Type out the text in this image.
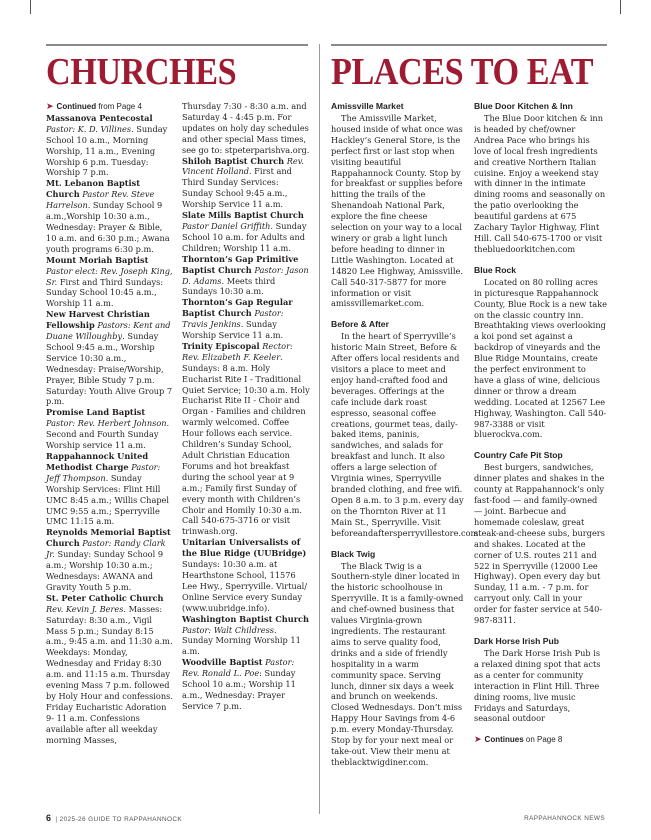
CHURCHES	PLACES TO EAT

➤ Continued from Page 4

Massanova Pentecostal Pastor: K. D. Villines. Sunday School 10 a.m., Morning Worship, 11 a.m., Evening Worship 6 p.m. Tuesday: Worship 7 p.m.

Mt. Lebanon Baptist Church Pastor Rev. Steve Harrelson. Sunday School 9 a.m.,Worship 10:30 a.m., Wednesday: Prayer & Bible, 10 a.m. and 6:30 p.m.; Awana youth programs 6:30 p.m.

Mount Moriah Baptist Pastor elect: Rev. Joseph King, Sr. First and Third Sundays: Sunday School 10:45 a.m., Worship 11 a.m.

New Harvest Christian Fellowship Pastors: Kent and Duane Willoughby. Sunday School 9:45 a.m., Worship Service 10:30 a.m., Wednesday: Praise/Worship, Prayer, Bible Study 7 p.m. Saturday: Youth Alive Group 7 p.m.

Promise Land Baptist Pastor: Rev. Herbert Johnson. Second and Fourth Sunday Worship service 11 a.m.

Rappahannock United Methodist Charge Pastor: Jeff Thompson. Sunday Worship Services: Flint Hill UMC 8:45 a.m.; Willis Chapel UMC 9:55 a.m.; Sperryville UMC 11:15 a.m.

Reynolds Memorial Baptist Church Pastor: Randy Clark Jr. Sunday: Sunday School 9 a.m.; Worship 10:30 a.m.; Wednesdays: AWANA and Gravity Youth 5 p.m.

St. Peter Catholic Church Rev. Kevin J. Beres. Masses: Saturday: 8:30 a.m., Vigil Mass 5 p.m.; Sunday 8:15 a.m., 9:45 a.m. and 11:30 a.m. Weekdays: Monday, Wednesday and Friday 8:30 a.m. and 11:15 a.m. Thursday evening Mass 7 p.m. followed by Holy Hour and confessions. Friday Eucharistic Adoration 9- 11 a.m. Confessions available after all weekday morning Masses,

Thursday 7:30 - 8:30 a.m. and Saturday 4 - 4:45 p.m. For updates on holy day schedules and other special Mass times, see go to: stpeterparishva.org.

Shiloh Baptist Church Rev. Vincent Holland. First and Third Sunday Services: Sunday School 9:45 a.m., Worship Service 11 a.m.

Slate Mills Baptist Church Pastor Daniel Griffith. Sunday School 10 a.m. for Adults and Children; Worship 11 a.m.

Thornton’s Gap Primitive Baptist Church Pastor: Jason D. Adams. Meets third Sundays 10:30 a.m.

Thornton’s Gap Regular Baptist Church Pastor: Travis Jenkins. Sunday Worship Service 11 a.m.

Trinity Episcopal Rector: Rev. Elizabeth F. Keeler. Sundays: 8 a.m. Holy Eucharist Rite I - Traditional Quiet Service; 10:30 a.m. Holy Eucharist Rite II - Choir and Organ - Families and children warmly welcomed. Coffee Hour follows each service. Children’s Sunday School, Adult Christian Education Forums and hot breakfast during the school year at 9 a.m.; Family first Sunday of every month with Children’s Choir and Homily 10:30 a.m. Call 540-675-3716 or visit trinwash.org.

Unitarian Universalists of the Blue Ridge (UUBridge) Sundays: 10:30 a.m. at Hearthstone School, 11576 Lee Hwy., Sperryville. Virtual/ Online Service every Sunday (www.uubridge.info).

Washington Baptist Church Pastor: Walt Childress. Sunday Morning Worship 11 a.m.

Woodville Baptist Pastor: Rev. Ronald L. Poe: Sunday School 10 a.m.; Worship 11 a.m., Wednesday: Prayer Service 7 p.m.

Amissville Market

The Amissville Market, housed inside of what once was Hackley’s General Store, is the perfect first or last stop when visiting beautiful Rappahannock County. Stop by for breakfast or supplies before hitting the trails of the Shenandoah National Park, explore the fine cheese selection on your way to a local winery or grab a light lunch before heading to dinner in Little Washington. Located at 14820 Lee Highway, Amissville. Call 540-317-5877 for more information or visit amissvillemarket.com.

Before & After

In the heart of Sperryville’s historic Main Street, Before & After offers local residents and visitors a place to meet and enjoy hand-crafted food and beverages. Offerings at the cafe include dark roast espresso, seasonal coffee creations, gourmet teas, daily-baked items, paninis, sandwiches, and salads for breakfast and lunch. It also offers a large selection of Virginia wines, Sperryville branded clothing, and free wifi. Open 8 a.m. to 3 p.m. every day on the Thornton River at 11 Main St., Sperryville. Visit beforeandaftersperryvillestore.com

Black Twig

The Black Twig is a Southern-style diner located in the historic schoolhouse in Sperryville. It is a family-owned and chef-owned business that values Virginia-grown ingredients. The restaurant aims to serve quality food, drinks and a side of friendly hospitality in a warm community space. Serving lunch, dinner six days a week and brunch on weekends. Closed Wednesdays. Don’t miss Happy Hour Savings from 4-6 p.m. every Monday-Thursday. Stop by for your next meal or take-out. View their menu at theblacktwigdiner.com.

Blue Door Kitchen & Inn

The Blue Door kitchen & inn is headed by chef/owner Andrea Pace who brings his love of local fresh ingredients and creative Northern Italian cuisine. Enjoy a weekend stay with dinner in the intimate dining rooms and seasonally on the patio overlooking the beautiful gardens at 675 Zachary Taylor Highway, Flint Hill. Call 540-675-1700 or visit thebluedoorkitchen.com

Blue Rock

Located on 80 rolling acres in picturesque Rappahannock County, Blue Rock is a new take on the classic country inn. Breathtaking views overlooking a koi pond set against a backdrop of vineyards and the Blue Ridge Mountains, create the perfect environment to have a glass of wine, delicious dinner or throw a dream wedding. Located at 12567 Lee Highway, Washington. Call 540-987-3388 or visit bluerockva.com.

Country Cafe Pit Stop

Best burgers, sandwiches, dinner plates and shakes in the county at Rappahannock’s only fast-food — and family-owned — joint. Barbecue and homemade coleslaw, great steak-and-cheese subs, burgers and shakes. Located at the corner of U.S. routes 211 and 522 in Sperryville (12000 Lee Highway). Open every day but Sunday, 11 a.m. - 7 p.m. for carryout only. Call in your order for faster service at 540-987-8311.

Dark Horse Irish Pub

The Dark Horse Irish Pub is a relaxed dining spot that acts as a center for community interaction in Flint Hill. Three dining rooms, live music Fridays and Saturdays, seasonal outdoor

➤ Continues on Page 8

6 | 2025-26 GUIDE TO RAPPAHANNOCK	RAPPAHANNOCK NEWS
